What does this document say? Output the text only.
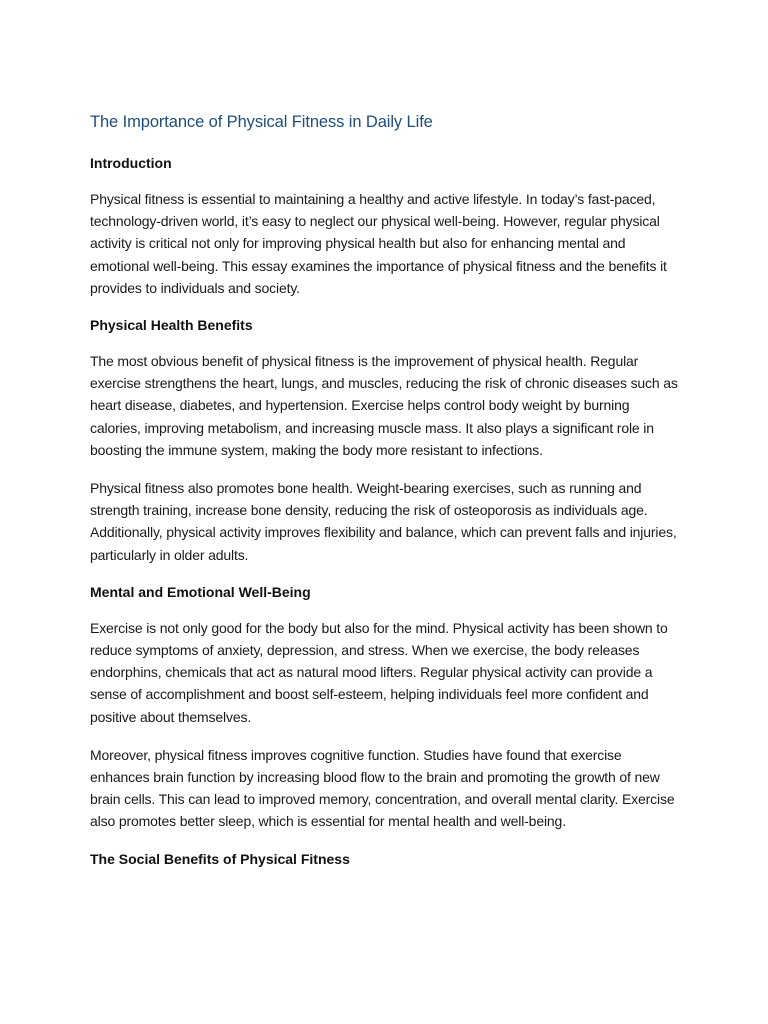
The Importance of Physical Fitness in Daily Life
Introduction

Physical fitness is essential to maintaining a healthy and active lifestyle. In today’s fast-paced, technology-driven world, it’s easy to neglect our physical well-being. However, regular physical activity is critical not only for improving physical health but also for enhancing mental and emotional well-being. This essay examines the importance of physical fitness and the benefits it provides to individuals and society.

Physical Health Benefits

The most obvious benefit of physical fitness is the improvement of physical health. Regular exercise strengthens the heart, lungs, and muscles, reducing the risk of chronic diseases such as heart disease, diabetes, and hypertension. Exercise helps control body weight by burning calories, improving metabolism, and increasing muscle mass. It also plays a significant role in boosting the immune system, making the body more resistant to infections.

Physical fitness also promotes bone health. Weight-bearing exercises, such as running and strength training, increase bone density, reducing the risk of osteoporosis as individuals age. Additionally, physical activity improves flexibility and balance, which can prevent falls and injuries, particularly in older adults.

Mental and Emotional Well-Being

Exercise is not only good for the body but also for the mind. Physical activity has been shown to reduce symptoms of anxiety, depression, and stress. When we exercise, the body releases endorphins, chemicals that act as natural mood lifters. Regular physical activity can provide a sense of accomplishment and boost self-esteem, helping individuals feel more confident and positive about themselves.

Moreover, physical fitness improves cognitive function. Studies have found that exercise enhances brain function by increasing blood flow to the brain and promoting the growth of new brain cells. This can lead to improved memory, concentration, and overall mental clarity. Exercise also promotes better sleep, which is essential for mental health and well-being.

The Social Benefits of Physical Fitness
